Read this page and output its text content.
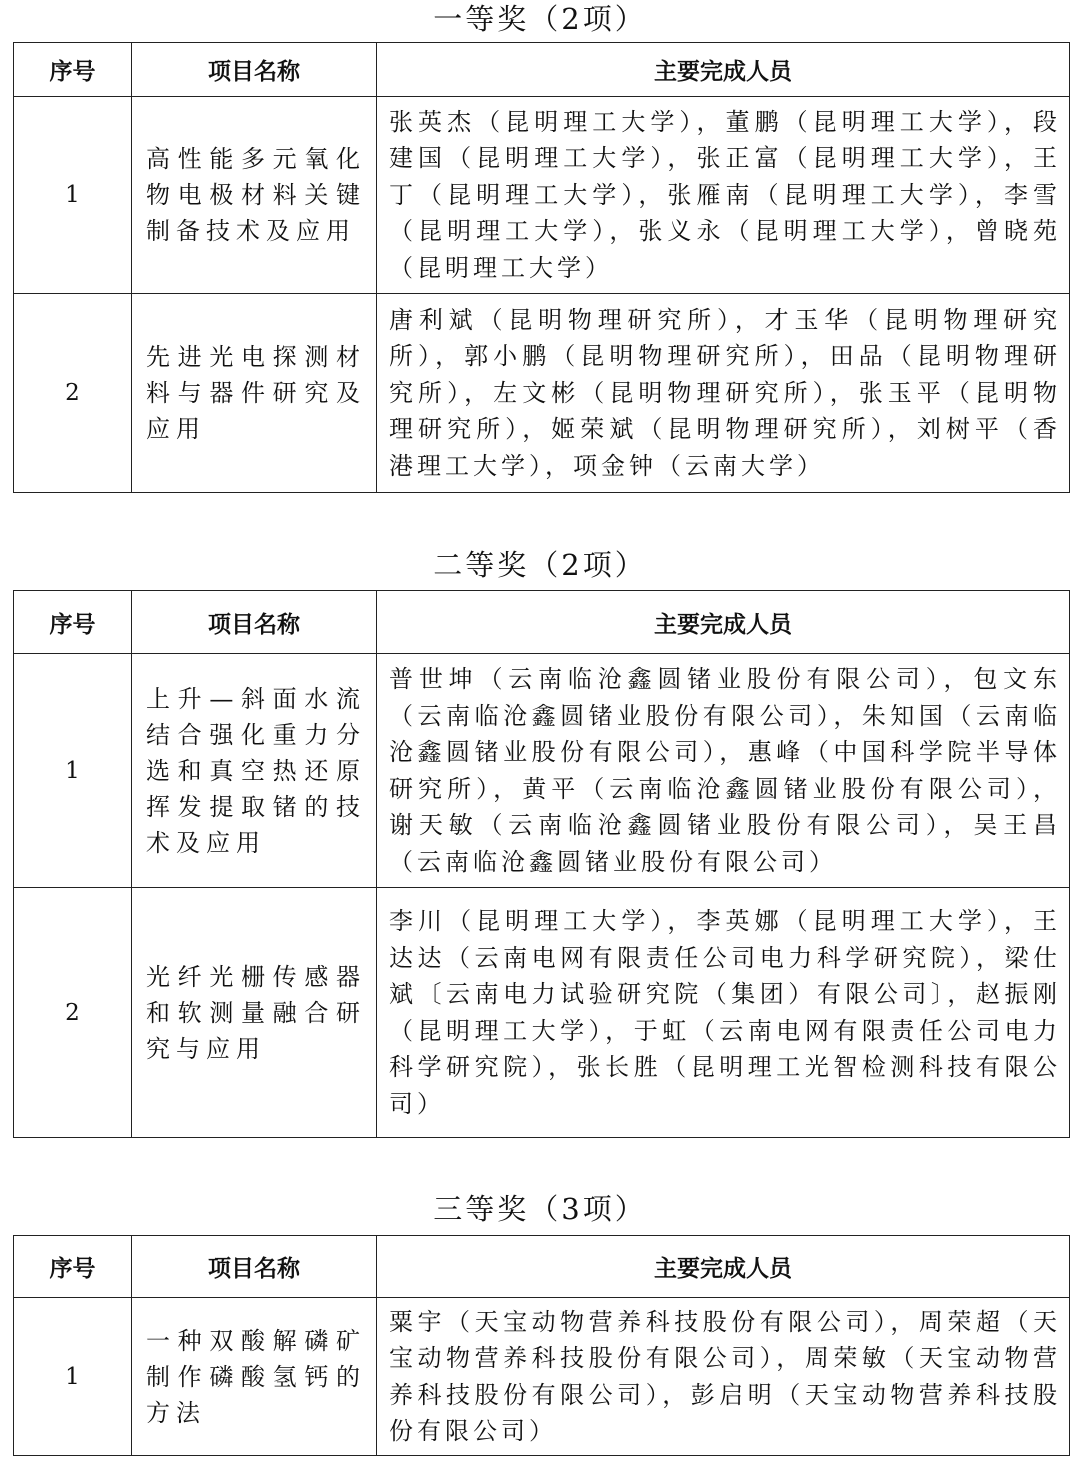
一等奖（2项）
序号	项目名称	主要完成人员
1	高性能多元氧化物电极材料关键制备技术及应用	张英杰（昆明理工大学），董鹏（昆明理工大学），段建国（昆明理工大学），张正富（昆明理工大学），王丁（昆明理工大学），张雁南（昆明理工大学），李雪（昆明理工大学），张义永（昆明理工大学），曾晓苑（昆明理工大学）
2	先进光电探测材料与器件研究及应用	唐利斌（昆明物理研究所），才玉华（昆明物理研究所），郭小鹏（昆明物理研究所），田品（昆明物理研究所），左文彬（昆明物理研究所），张玉平（昆明物理研究所），姬荣斌（昆明物理研究所），刘树平（香港理工大学），项金钟（云南大学）
二等奖（2项）
序号	项目名称	主要完成人员
1	上升—斜面水流结合强化重力分选和真空热还原挥发提取锗的技术及应用	普世坤（云南临沧鑫圆锗业股份有限公司），包文东（云南临沧鑫圆锗业股份有限公司），朱知国（云南临沧鑫圆锗业股份有限公司），惠峰（中国科学院半导体研究所），黄平（云南临沧鑫圆锗业股份有限公司），谢天敏（云南临沧鑫圆锗业股份有限公司），吴王昌（云南临沧鑫圆锗业股份有限公司）
2	光纤光栅传感器和软测量融合研究与应用	李川（昆明理工大学），李英娜（昆明理工大学），王达达（云南电网有限责任公司电力科学研究院），梁仕斌〔云南电力试验研究院（集团）有限公司〕，赵振刚（昆明理工大学），于虹（云南电网有限责任公司电力科学研究院），张长胜（昆明理工光智检测科技有限公司）
三等奖（3项）
序号	项目名称	主要完成人员
1	一种双酸解磷矿制作磷酸氢钙的方法	粟宇（天宝动物营养科技股份有限公司），周荣超（天宝动物营养科技股份有限公司），周荣敏（天宝动物营养科技股份有限公司），彭启明（天宝动物营养科技股份有限公司）
